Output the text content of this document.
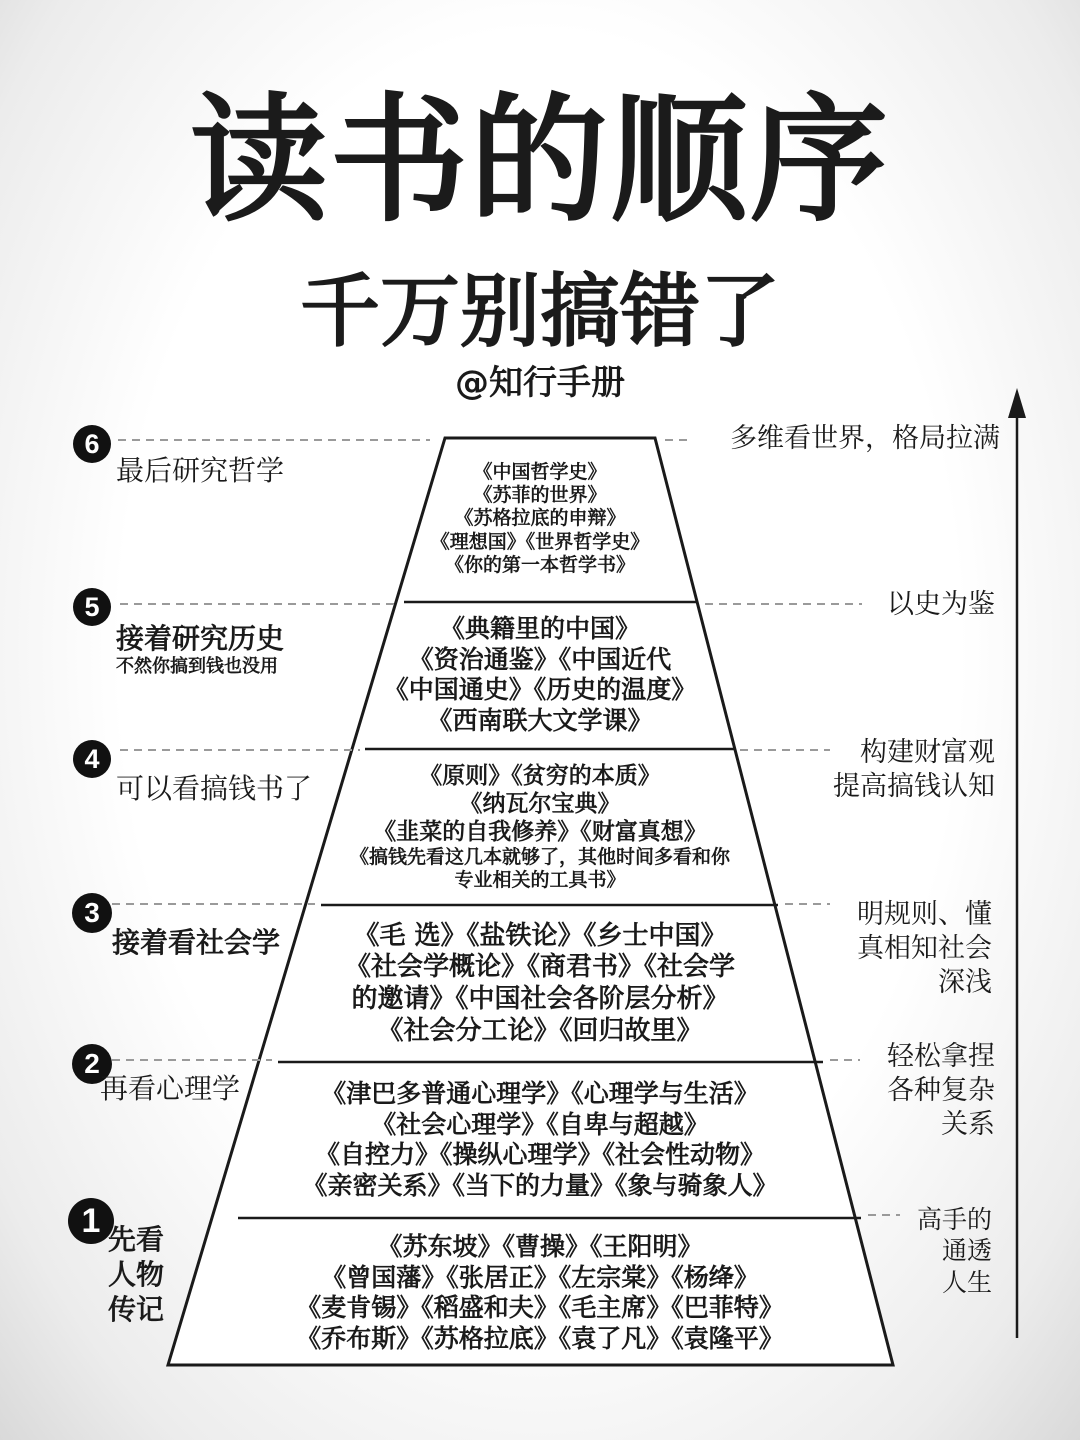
读书的顺序
千万别搞错了
@知行手册
6
最后研究哲学
多维看世界，格局拉满
《中国哲学史》
《苏菲的世界》
《苏格拉底的申辩》
《理想国》《世界哲学史》
《你的第一本哲学书》
5
接着研究历史
不然你搞到钱也没用
以史为鉴
《典籍里的中国》
《资治通鉴》《中国近代
《中国通史》《历史的温度》
《西南联大文学课》
4
可以看搞钱书了
构建财富观
提高搞钱认知
《原则》《贫穷的本质》
《纳瓦尔宝典》
《韭菜的自我修养》《财富真想》
《搞钱先看这几本就够了，其他时间多看和你
专业相关的工具书》
3
接着看社会学
明规则、懂
真相知社会
深浅
《毛 选》《盐铁论》《乡士中国》
《社会学概论》《商君书》《社会学
的邀请》《中国社会各阶层分析》
《社会分工论》《回归故里》
2
再看心理学
轻松拿捏
各种复杂
关系
《津巴多普通心理学》《心理学与生活》
《社会心理学》《自卑与超越》
《自控力》《操纵心理学》《社会性动物》
《亲密关系》《当下的力量》《象与骑象人》
1 先看
人物
传记
高手的
通透
人生
《苏东坡》《曹操》《王阳明》
《曾国藩》《张居正》《左宗棠》《杨绛》
《麦肯锡》《稻盛和夫》《毛主席》《巴菲特》
《乔布斯》《苏格拉底》《袁了凡》《袁隆平》
